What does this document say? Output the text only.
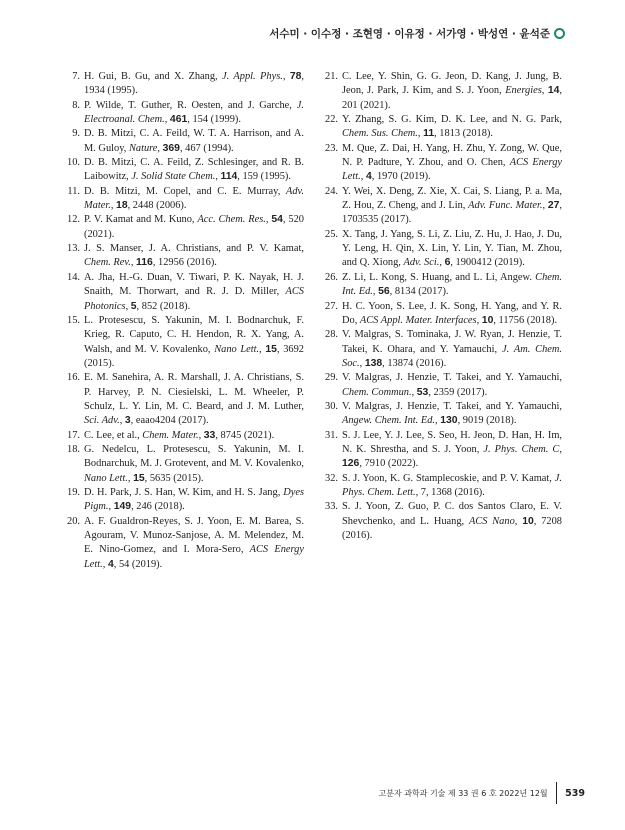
서수미 · 이수정 · 조현영 · 이유정 · 서가영 · 박성연 · 윤석준
7. H. Gui, B. Gu, and X. Zhang, J. Appl. Phys., 78, 1934 (1995).
8. P. Wilde, T. Guther, R. Oesten, and J. Garche, J. Electroanal. Chem., 461, 154 (1999).
9. D. B. Mitzi, C. A. Feild, W. T. A. Harrison, and A. M. Guloy, Nature, 369, 467 (1994).
10. D. B. Mitzi, C. A. Feild, Z. Schlesinger, and R. B. Laibowitz, J. Solid State Chem., 114, 159 (1995).
11. D. B. Mitzi, M. Copel, and C. E. Murray, Adv. Mater., 18, 2448 (2006).
12. P. V. Kamat and M. Kuno, Acc. Chem. Res., 54, 520 (2021).
13. J. S. Manser, J. A. Christians, and P. V. Kamat, Chem. Rev., 116, 12956 (2016).
14. A. Jha, H.-G. Duan, V. Tiwari, P. K. Nayak, H. J. Snaith, M. Thorwart, and R. J. D. Miller, ACS Photonics, 5, 852 (2018).
15. L. Protesescu, S. Yakunin, M. I. Bodnarchuk, F. Krieg, R. Caputo, C. H. Hendon, R. X. Yang, A. Walsh, and M. V. Kovalenko, Nano Lett., 15, 3692 (2015).
16. E. M. Sanehira, A. R. Marshall, J. A. Christians, S. P. Harvey, P. N. Ciesielski, L. M. Wheeler, P. Schulz, L. Y. Lin, M. C. Beard, and J. M. Luther, Sci. Adv., 3, eaao4204 (2017).
17. C. Lee, et al., Chem. Mater., 33, 8745 (2021).
18. G. Nedelcu, L. Protesescu, S. Yakunin, M. I. Bodnarchuk, M. J. Grotevent, and M. V. Kovalenko, Nano Lett., 15, 5635 (2015).
19. D. H. Park, J. S. Han, W. Kim, and H. S. Jang, Dyes Pigm., 149, 246 (2018).
20. A. F. Gualdron-Reyes, S. J. Yoon, E. M. Barea, S. Agouram, V. Munoz-Sanjose, A. M. Melendez, M. E. Nino-Gomez, and I. Mora-Sero, ACS Energy Lett., 4, 54 (2019).
21. C. Lee, Y. Shin, G. G. Jeon, D. Kang, J. Jung, B. Jeon, J. Park, J. Kim, and S. J. Yoon, Energies, 14, 201 (2021).
22. Y. Zhang, S. G. Kim, D. K. Lee, and N. G. Park, Chem. Sus. Chem., 11, 1813 (2018).
23. M. Que, Z. Dai, H. Yang, H. Zhu, Y. Zong, W. Que, N. P. Padture, Y. Zhou, and O. Chen, ACS Energy Lett., 4, 1970 (2019).
24. Y. Wei, X. Deng, Z. Xie, X. Cai, S. Liang, P. a. Ma, Z. Hou, Z. Cheng, and J. Lin, Adv. Func. Mater., 27, 1703535 (2017).
25. X. Tang, J. Yang, S. Li, Z. Liu, Z. Hu, J. Hao, J. Du, Y. Leng, H. Qin, X. Lin, Y. Lin, Y. Tian, M. Zhou, and Q. Xiong, Adv. Sci., 6, 1900412 (2019).
26. Z. Li, L. Kong, S. Huang, and L. Li, Angew. Chem. Int. Ed., 56, 8134 (2017).
27. H. C. Yoon, S. Lee, J. K. Song, H. Yang, and Y. R. Do, ACS Appl. Mater. Interfaces, 10, 11756 (2018).
28. V. Malgras, S. Tominaka, J. W. Ryan, J. Henzie, T. Takei, K. Ohara, and Y. Yamauchi, J. Am. Chem. Soc., 138, 13874 (2016).
29. V. Malgras, J. Henzie, T. Takei, and Y. Yamauchi, Chem. Commun., 53, 2359 (2017).
30. V. Malgras, J. Henzie, T. Takei, and Y. Yamauchi, Angew. Chem. Int. Ed., 130, 9019 (2018).
31. S. J. Lee, Y. J. Lee, S. Seo, H. Jeon, D. Han, H. Im, N. K. Shrestha, and S. J. Yoon, J. Phys. Chem. C, 126, 7910 (2022).
32. S. J. Yoon, K. G. Stamplecoskie, and P. V. Kamat, J. Phys. Chem. Lett., 7, 1368 (2016).
33. S. J. Yoon, Z. Guo, P. C. dos Santos Claro, E. V. Shevchenko, and L. Huang, ACS Nano, 10, 7208 (2016).
고분자 과학과 기술 제 33 권 6 호 2022년 12월 539
